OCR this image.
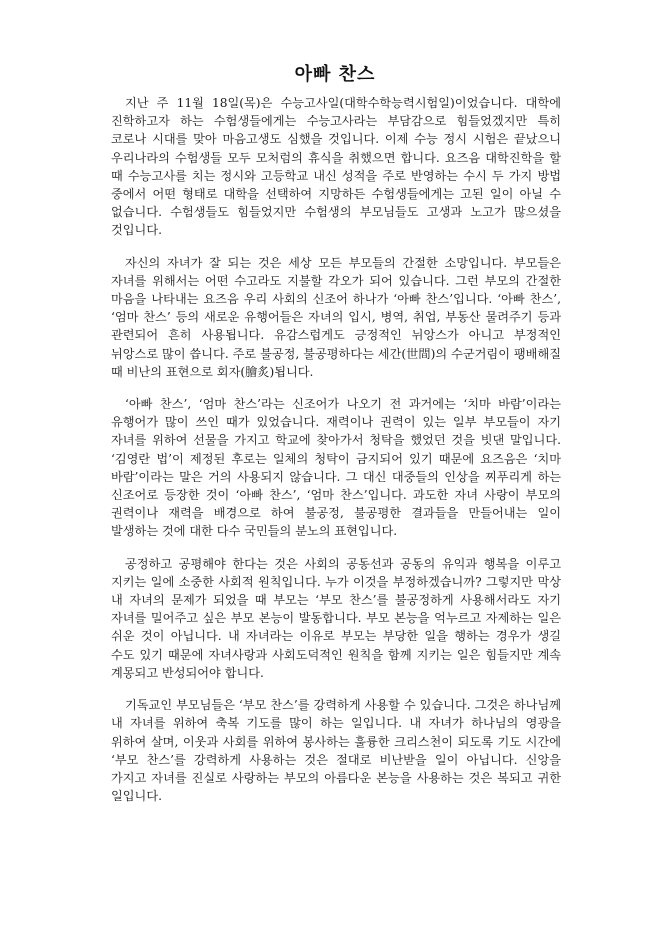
아빠 찬스

지난 주 11월 18일(목)은 수능고사일(대학수학능력시험일)이었습니다. 대학에 진학하고자 하는 수험생들에게는 수능고사라는 부담감으로 힘들었겠지만 특히 코로나 시대를 맞아 마음고생도 심했을 것입니다. 이제 수능 정시 시험은 끝났으니 우리나라의 수험생들 모두 모처럼의 휴식을 취했으면 합니다. 요즈음 대학진학을 할 때 수능고사를 치는 정시와 고등학교 내신 성적을 주로 반영하는 수시 두 가지 방법 중에서 어떤 형태로 대학을 선택하여 지망하든 수험생들에게는 고된 일이 아닐 수 없습니다. 수험생들도 힘들었지만 수험생의 부모님들도 고생과 노고가 많으셨을 것입니다.

자신의 자녀가 잘 되는 것은 세상 모든 부모들의 간절한 소망입니다. 부모들은 자녀를 위해서는 어떤 수고라도 지불할 각오가 되어 있습니다. 그런 부모의 간절한 마음을 나타내는 요즈음 우리 사회의 신조어 하나가 ‘아빠 찬스’입니다. ‘아빠 찬스’, ‘엄마 찬스’ 등의 새로운 유행어들은 자녀의 입시, 병역, 취업, 부동산 물려주기 등과 관련되어 흔히 사용됩니다. 유감스럽게도 긍정적인 뉘앙스가 아니고 부정적인 뉘앙스로 많이 씁니다. 주로 불공정, 불공평하다는 세간(世間)의 수군거림이 팽배해질 때 비난의 표현으로 회자(膾炙)됩니다.

‘아빠 찬스’, ‘엄마 찬스’라는 신조어가 나오기 전 과거에는 ‘치마 바람’이라는 유행어가 많이 쓰인 때가 있었습니다. 재력이나 권력이 있는 일부 부모들이 자기 자녀를 위하여 선물을 가지고 학교에 찾아가서 청탁을 했었던 것을 빗댄 말입니다. ‘김영란 법’이 제정된 후로는 일체의 청탁이 금지되어 있기 때문에 요즈음은 ‘치마 바람’이라는 말은 거의 사용되지 않습니다. 그 대신 대중들의 인상을 찌푸리게 하는 신조어로 등장한 것이 ‘아빠 찬스’, ‘엄마 찬스’입니다. 과도한 자녀 사랑이 부모의 권력이나 재력을 배경으로 하여 불공정, 불공평한 결과들을 만들어내는 일이 발생하는 것에 대한 다수 국민들의 분노의 표현입니다.

공정하고 공평해야 한다는 것은 사회의 공동선과 공동의 유익과 행복을 이루고 지키는 일에 소중한 사회적 원칙입니다. 누가 이것을 부정하겠습니까? 그렇지만 막상 내 자녀의 문제가 되었을 때 부모는 ‘부모 찬스’를 불공정하게 사용해서라도 자기 자녀를 밀어주고 싶은 부모 본능이 발동합니다. 부모 본능을 억누르고 자제하는 일은 쉬운 것이 아닙니다. 내 자녀라는 이유로 부모는 부당한 일을 행하는 경우가 생길 수도 있기 때문에 자녀사랑과 사회도덕적인 원칙을 함께 지키는 일은 힘들지만 계속 계몽되고 반성되어야 합니다.

기독교인 부모님들은 ‘부모 찬스’를 강력하게 사용할 수 있습니다. 그것은 하나님께 내 자녀를 위하여 축복 기도를 많이 하는 일입니다. 내 자녀가 하나님의 영광을 위하여 살며, 이웃과 사회를 위하여 봉사하는 훌륭한 크리스천이 되도록 기도 시간에 ‘부모 찬스’를 강력하게 사용하는 것은 절대로 비난받을 일이 아닙니다. 신앙을 가지고 자녀를 진실로 사랑하는 부모의 아름다운 본능을 사용하는 것은 복되고 귀한 일입니다.
